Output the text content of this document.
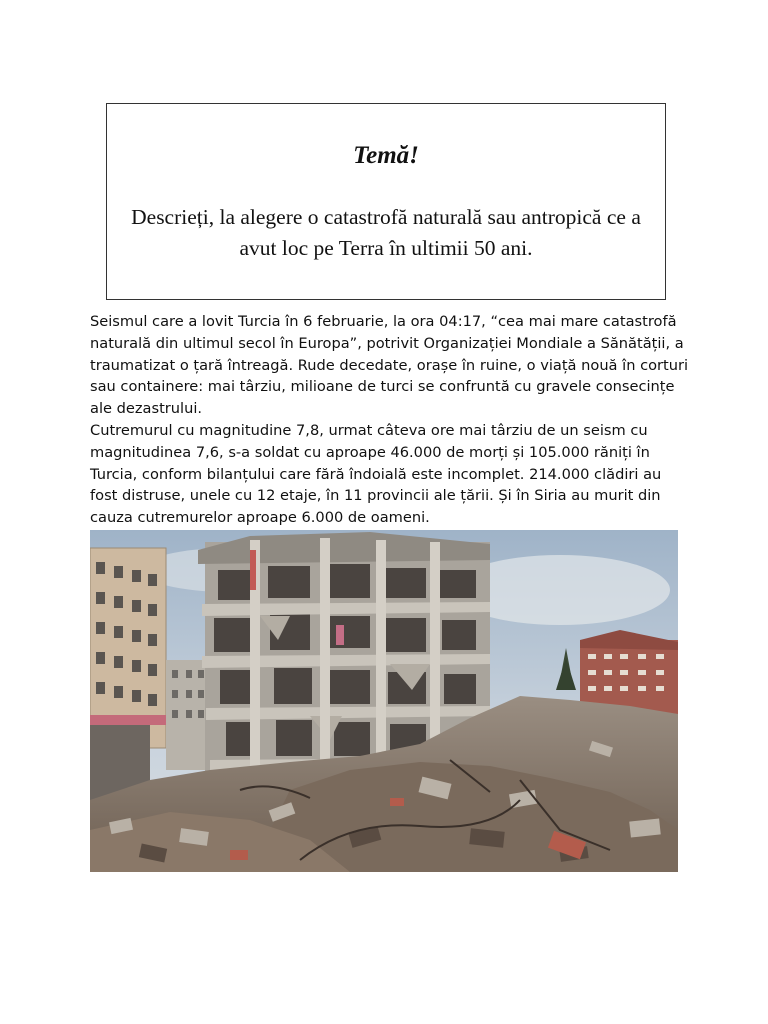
Temă!
Descrieți, la alegere o catastrofă naturală sau antropică ce a avut loc pe Terra în ultimii 50 ani.

Seismul care a lovit Turcia în 6 februarie, la ora 04:17, “cea mai mare catastrofă naturală din ultimul secol în Europa”, potrivit Organizației Mondiale a Sănătății, a traumatizat o țară întreagă. Rude decedate, orașe în ruine, o viață nouă în corturi sau containere: mai târziu, milioane de turci se confruntă cu gravele consecințe ale dezastrului.

Cutremurul cu magnitudine 7,8, urmat câteva ore mai târziu de un seism cu magnitudinea 7,6, s-a soldat cu aproape 46.000 de morți și 105.000 răniți în Turcia, conform bilanțului care fără îndoială este incomplet. 214.000 clădiri au fost distruse, unele cu 12 etaje, în 11 provincii ale țării. Și în Siria au murit din cauza cutremurelor aproape 6.000 de oameni.
